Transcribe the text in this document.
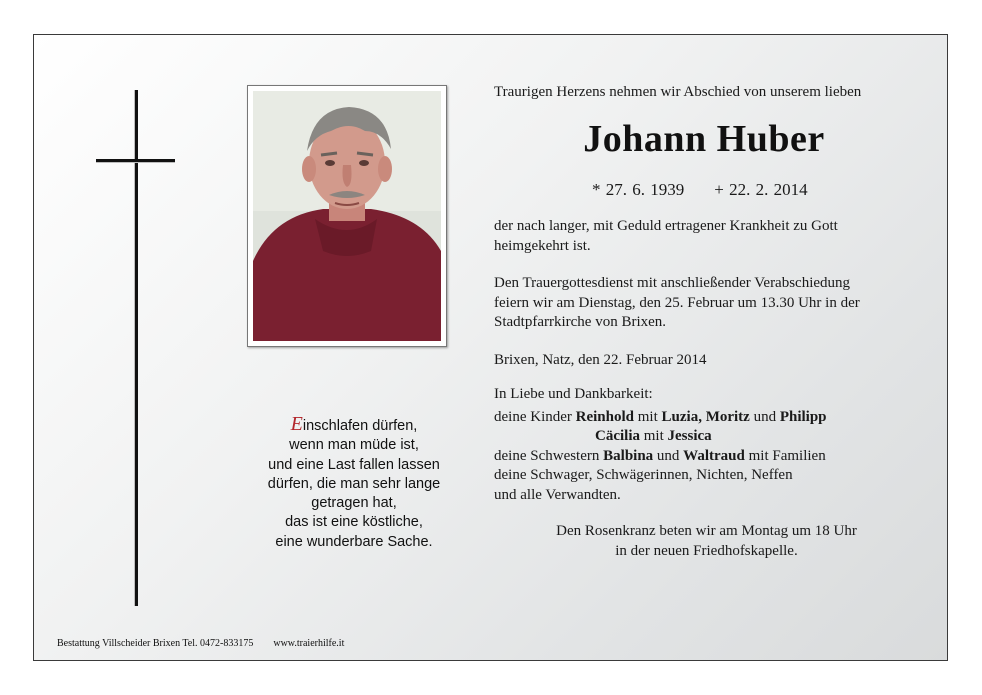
Einschlafen dürfen,
wenn man müde ist,
und eine Last fallen lassen
dürfen, die man sehr lange
getragen hat,
das ist eine köstliche,
eine wunderbare Sache.

Traurigen Herzens nehmen wir Abschied von unserem lieben

Johann Huber

* 27. 6. 1939 + 22. 2. 2014

der nach langer, mit Geduld ertragener Krankheit zu Gott
heimgekehrt ist.

Den Trauergottesdienst mit anschließender Verabschiedung
feiern wir am Dienstag, den 25. Februar um 13.30 Uhr in der
Stadtpfarrkirche von Brixen.

Brixen, Natz, den 22. Februar 2014

In Liebe und Dankbarkeit:

deine Kinder Reinhold mit Luzia, Moritz und Philipp
Cäcilia mit Jessica
deine Schwestern Balbina und Waltraud mit Familien
deine Schwager, Schwägerinnen, Nichten, Neffen
und alle Verwandten.

Den Rosenkranz beten wir am Montag um 18 Uhr
in der neuen Friedhofskapelle.

Bestattung Villscheider Brixen Tel. 0472-833175 www.traierhilfe.it
